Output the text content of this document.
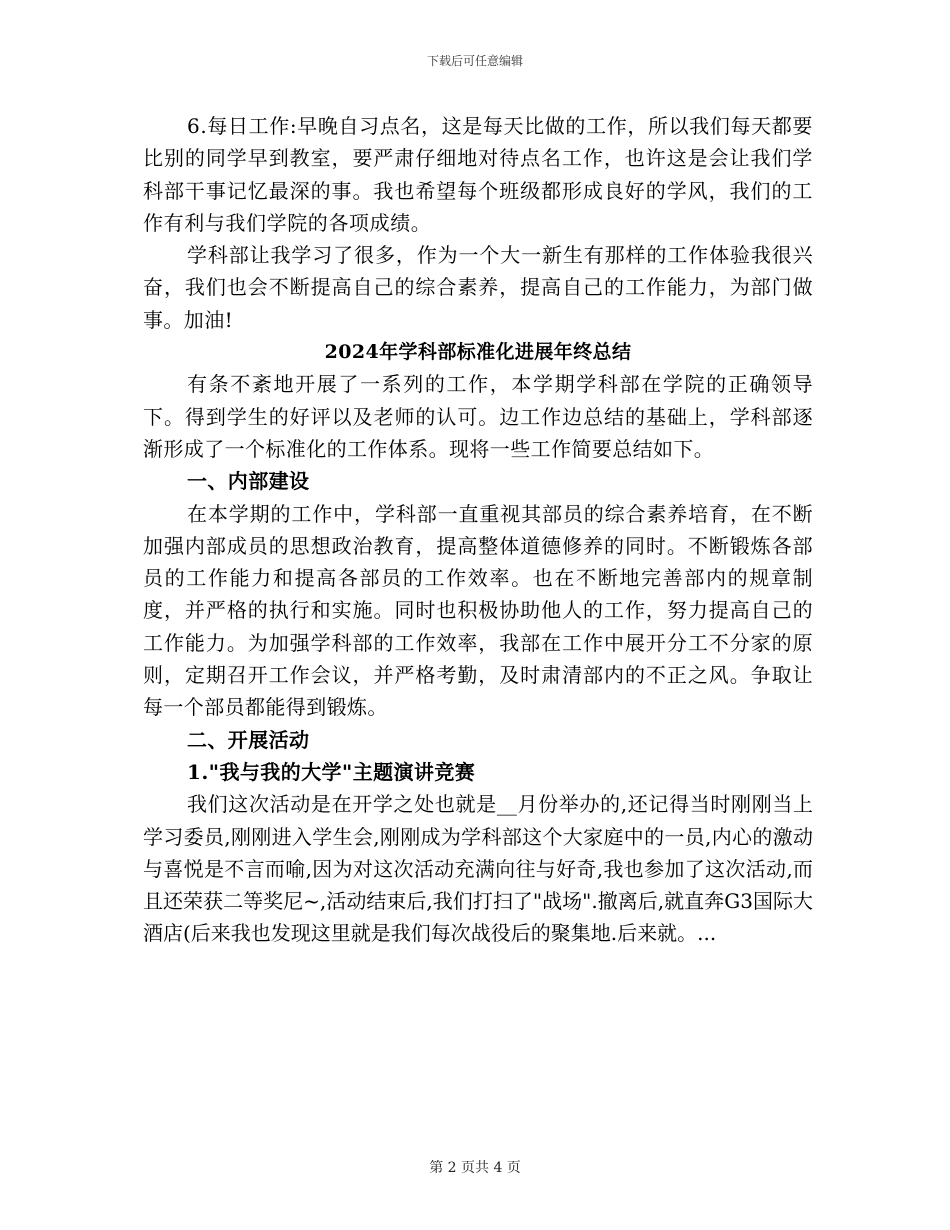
下载后可任意编辑

6.每日工作:早晚自习点名，这是每天比做的工作，所以我们每天都要比别的同学早到教室，要严肃仔细地对待点名工作，也许这是会让我们学科部干事记忆最深的事。我也希望每个班级都形成良好的学风，我们的工作有利与我们学院的各项成绩。

学科部让我学习了很多，作为一个大一新生有那样的工作体验我很兴奋，我们也会不断提高自己的综合素养，提高自己的工作能力，为部门做事。加油!

2024年学科部标准化进展年终总结

有条不紊地开展了一系列的工作，本学期学科部在学院的正确领导下。得到学生的好评以及老师的认可。边工作边总结的基础上，学科部逐渐形成了一个标准化的工作体系。现将一些工作简要总结如下。

一、内部建设

在本学期的工作中，学科部一直重视其部员的综合素养培育，在不断加强内部成员的思想政治教育，提高整体道德修养的同时。不断锻炼各部员的工作能力和提高各部员的工作效率。也在不断地完善部内的规章制度，并严格的执行和实施。同时也积极协助他人的工作，努力提高自己的工作能力。为加强学科部的工作效率，我部在工作中展开分工不分家的原则，定期召开工作会议，并严格考勤，及时肃清部内的不正之风。争取让每一个部员都能得到锻炼。

二、开展活动

1."我与我的大学"主题演讲竞赛

我们这次活动是在开学之处也就是__月份举办的,还记得当时刚刚当上学习委员,刚刚进入学生会,刚刚成为学科部这个大家庭中的一员,内心的激动与喜悦是不言而喻,因为对这次活动充满向往与好奇,我也参加了这次活动,而且还荣获二等奖尼~,活动结束后,我们打扫了"战场".撤离后,就直奔G3国际大酒店(后来我也发现这里就是我们每次战役后的聚集地.后来就。...

第 2 页共 4 页
